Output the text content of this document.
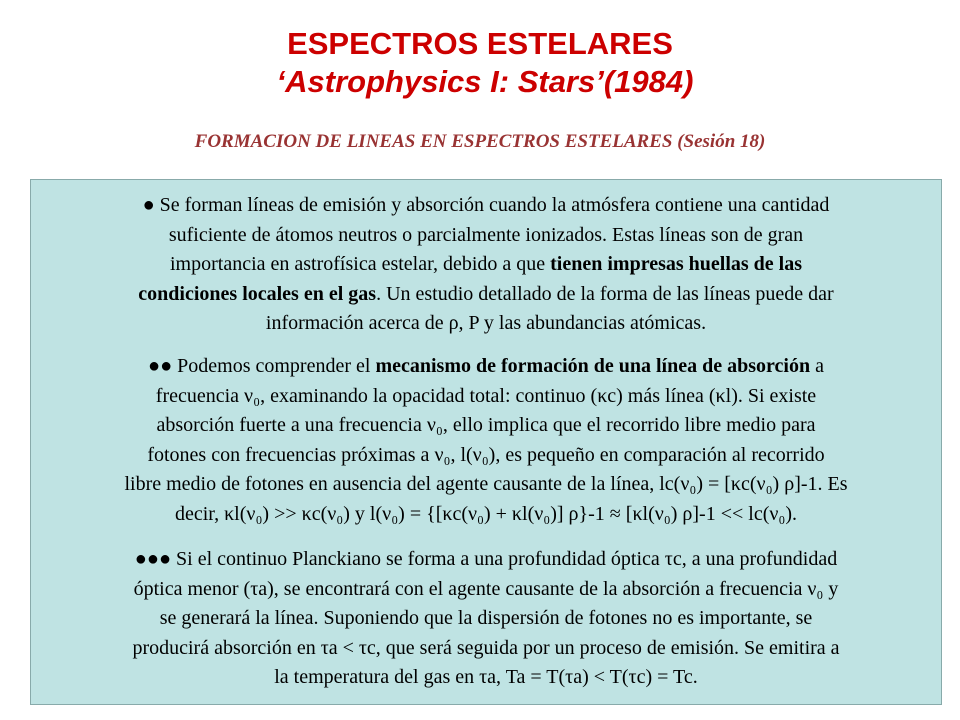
ESPECTROS ESTELARES
‘Astrophysics I: Stars’(1984)
FORMACION DE LINEAS EN ESPECTROS ESTELARES (Sesión 18)
● Se forman líneas de emisión y absorción cuando la atmósfera contiene una cantidad
suficiente de átomos neutros o parcialmente ionizados. Estas líneas son de gran
importancia en astrofísica estelar, debido a que tienen impresas huellas de las
condiciones locales en el gas. Un estudio detallado de la forma de las líneas puede dar
información acerca de ρ, P y las abundancias atómicas.
●● Podemos comprender el mecanismo de formación de una línea de absorción a
frecuencia ν₀, examinando la opacidad total: continuo (κc) más línea (κl). Si existe
absorción fuerte a una frecuencia ν₀, ello implica que el recorrido libre medio para
fotones con frecuencias próximas a ν₀, l(ν₀), es pequeño en comparación al recorrido
libre medio de fotones en ausencia del agente causante de la línea, lc(ν₀) = [κc(ν₀) ρ]-1. Es
decir, κl(ν₀) >> κc(ν₀) y l(ν₀) = {[κc(ν₀) + κl(ν₀)] ρ}-1 ≈ [κl(ν₀) ρ]-1 << lc(ν₀).
●●● Si el continuo Planckiano se forma a una profundidad óptica τc, a una profundidad
óptica menor (τa), se encontrará con el agente causante de la absorción a frecuencia ν₀ y
se generará la línea. Suponiendo que la dispersión de fotones no es importante, se
producirá absorción en τa < τc, que será seguida por un proceso de emisión. Se emitira a
la temperatura del gas en τa, Ta = T(τa) < T(τc) = Tc.
